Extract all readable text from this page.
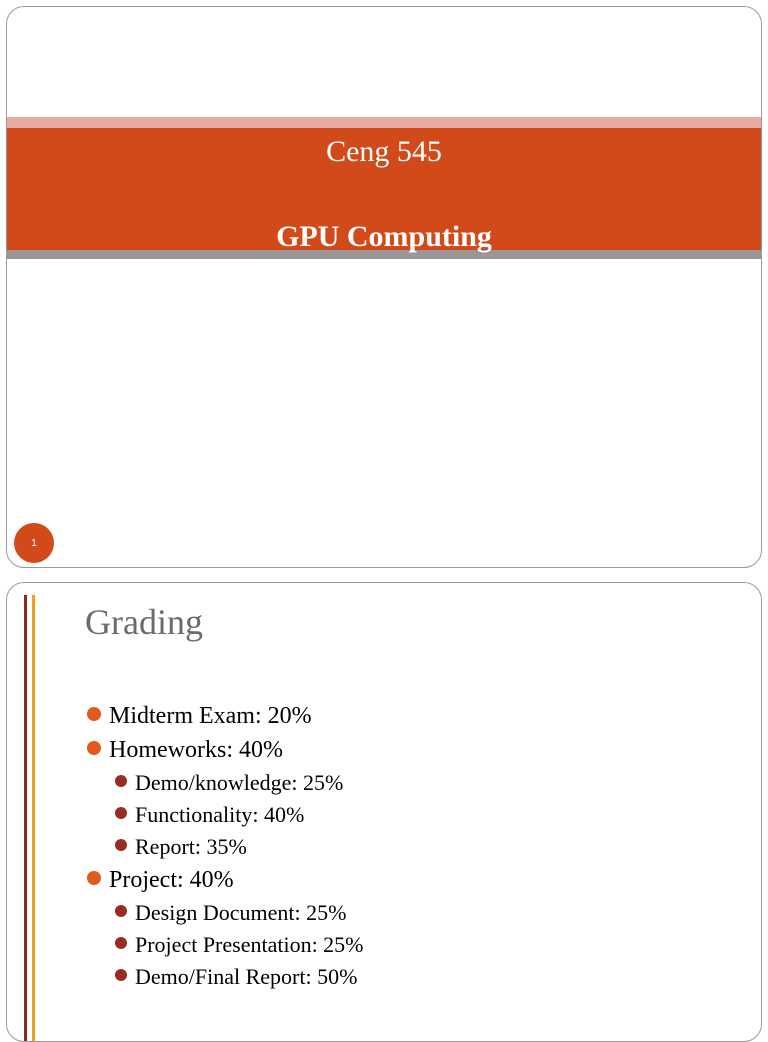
Ceng 545
GPU Computing
1
Grading
Midterm Exam: 20%
Homeworks: 40%
Demo/knowledge: 25%
Functionality: 40%
Report: 35%
Project: 40%
Design Document: 25%
Project Presentation: 25%
Demo/Final Report: 50%
